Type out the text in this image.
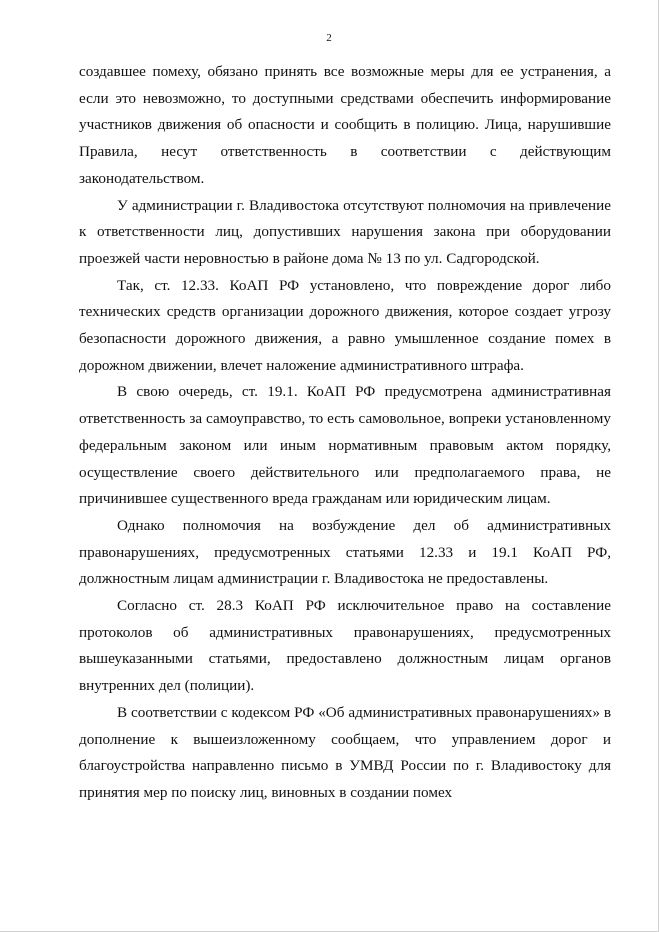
2

создавшее помеху, обязано принять все возможные меры для ее устранения, а если это невозможно, то доступными средствами обеспечить информирование участников движения об опасности и сообщить в полицию. Лица, нарушившие Правила, несут ответственность в соответствии с действующим законодательством.

У администрации г. Владивостока отсутствуют полномочия на привлечение к ответственности лиц, допустивших нарушения закона при оборудовании проезжей части неровностью в районе дома № 13 по ул. Садгородской.

Так, ст. 12.33. КоАП РФ установлено, что повреждение дорог либо технических средств организации дорожного движения, которое создает угрозу безопасности дорожного движения, а равно умышленное создание помех в дорожном движении, влечет наложение административного штрафа.

В свою очередь, ст. 19.1. КоАП РФ предусмотрена административная ответственность за самоуправство, то есть самовольное, вопреки установленному федеральным законом или иным нормативным правовым актом порядку, осуществление своего действительного или предполагаемого права, не причинившее существенного вреда гражданам или юридическим лицам.

Однако полномочия на возбуждение дел об административных правонарушениях, предусмотренных статьями 12.33 и 19.1 КоАП РФ, должностным лицам администрации г. Владивостока не предоставлены.

Согласно ст. 28.3 КоАП РФ исключительное право на составление протоколов об административных правонарушениях, предусмотренных вышеуказанными статьями, предоставлено должностным лицам органов внутренних дел (полиции).

В соответствии с кодексом РФ «Об административных правонарушениях» в дополнение к вышеизложенному сообщаем, что управлением дорог и благоустройства направленно письмо в УМВД России по г. Владивостоку для принятия мер по поиску лиц, виновных в создании помех
